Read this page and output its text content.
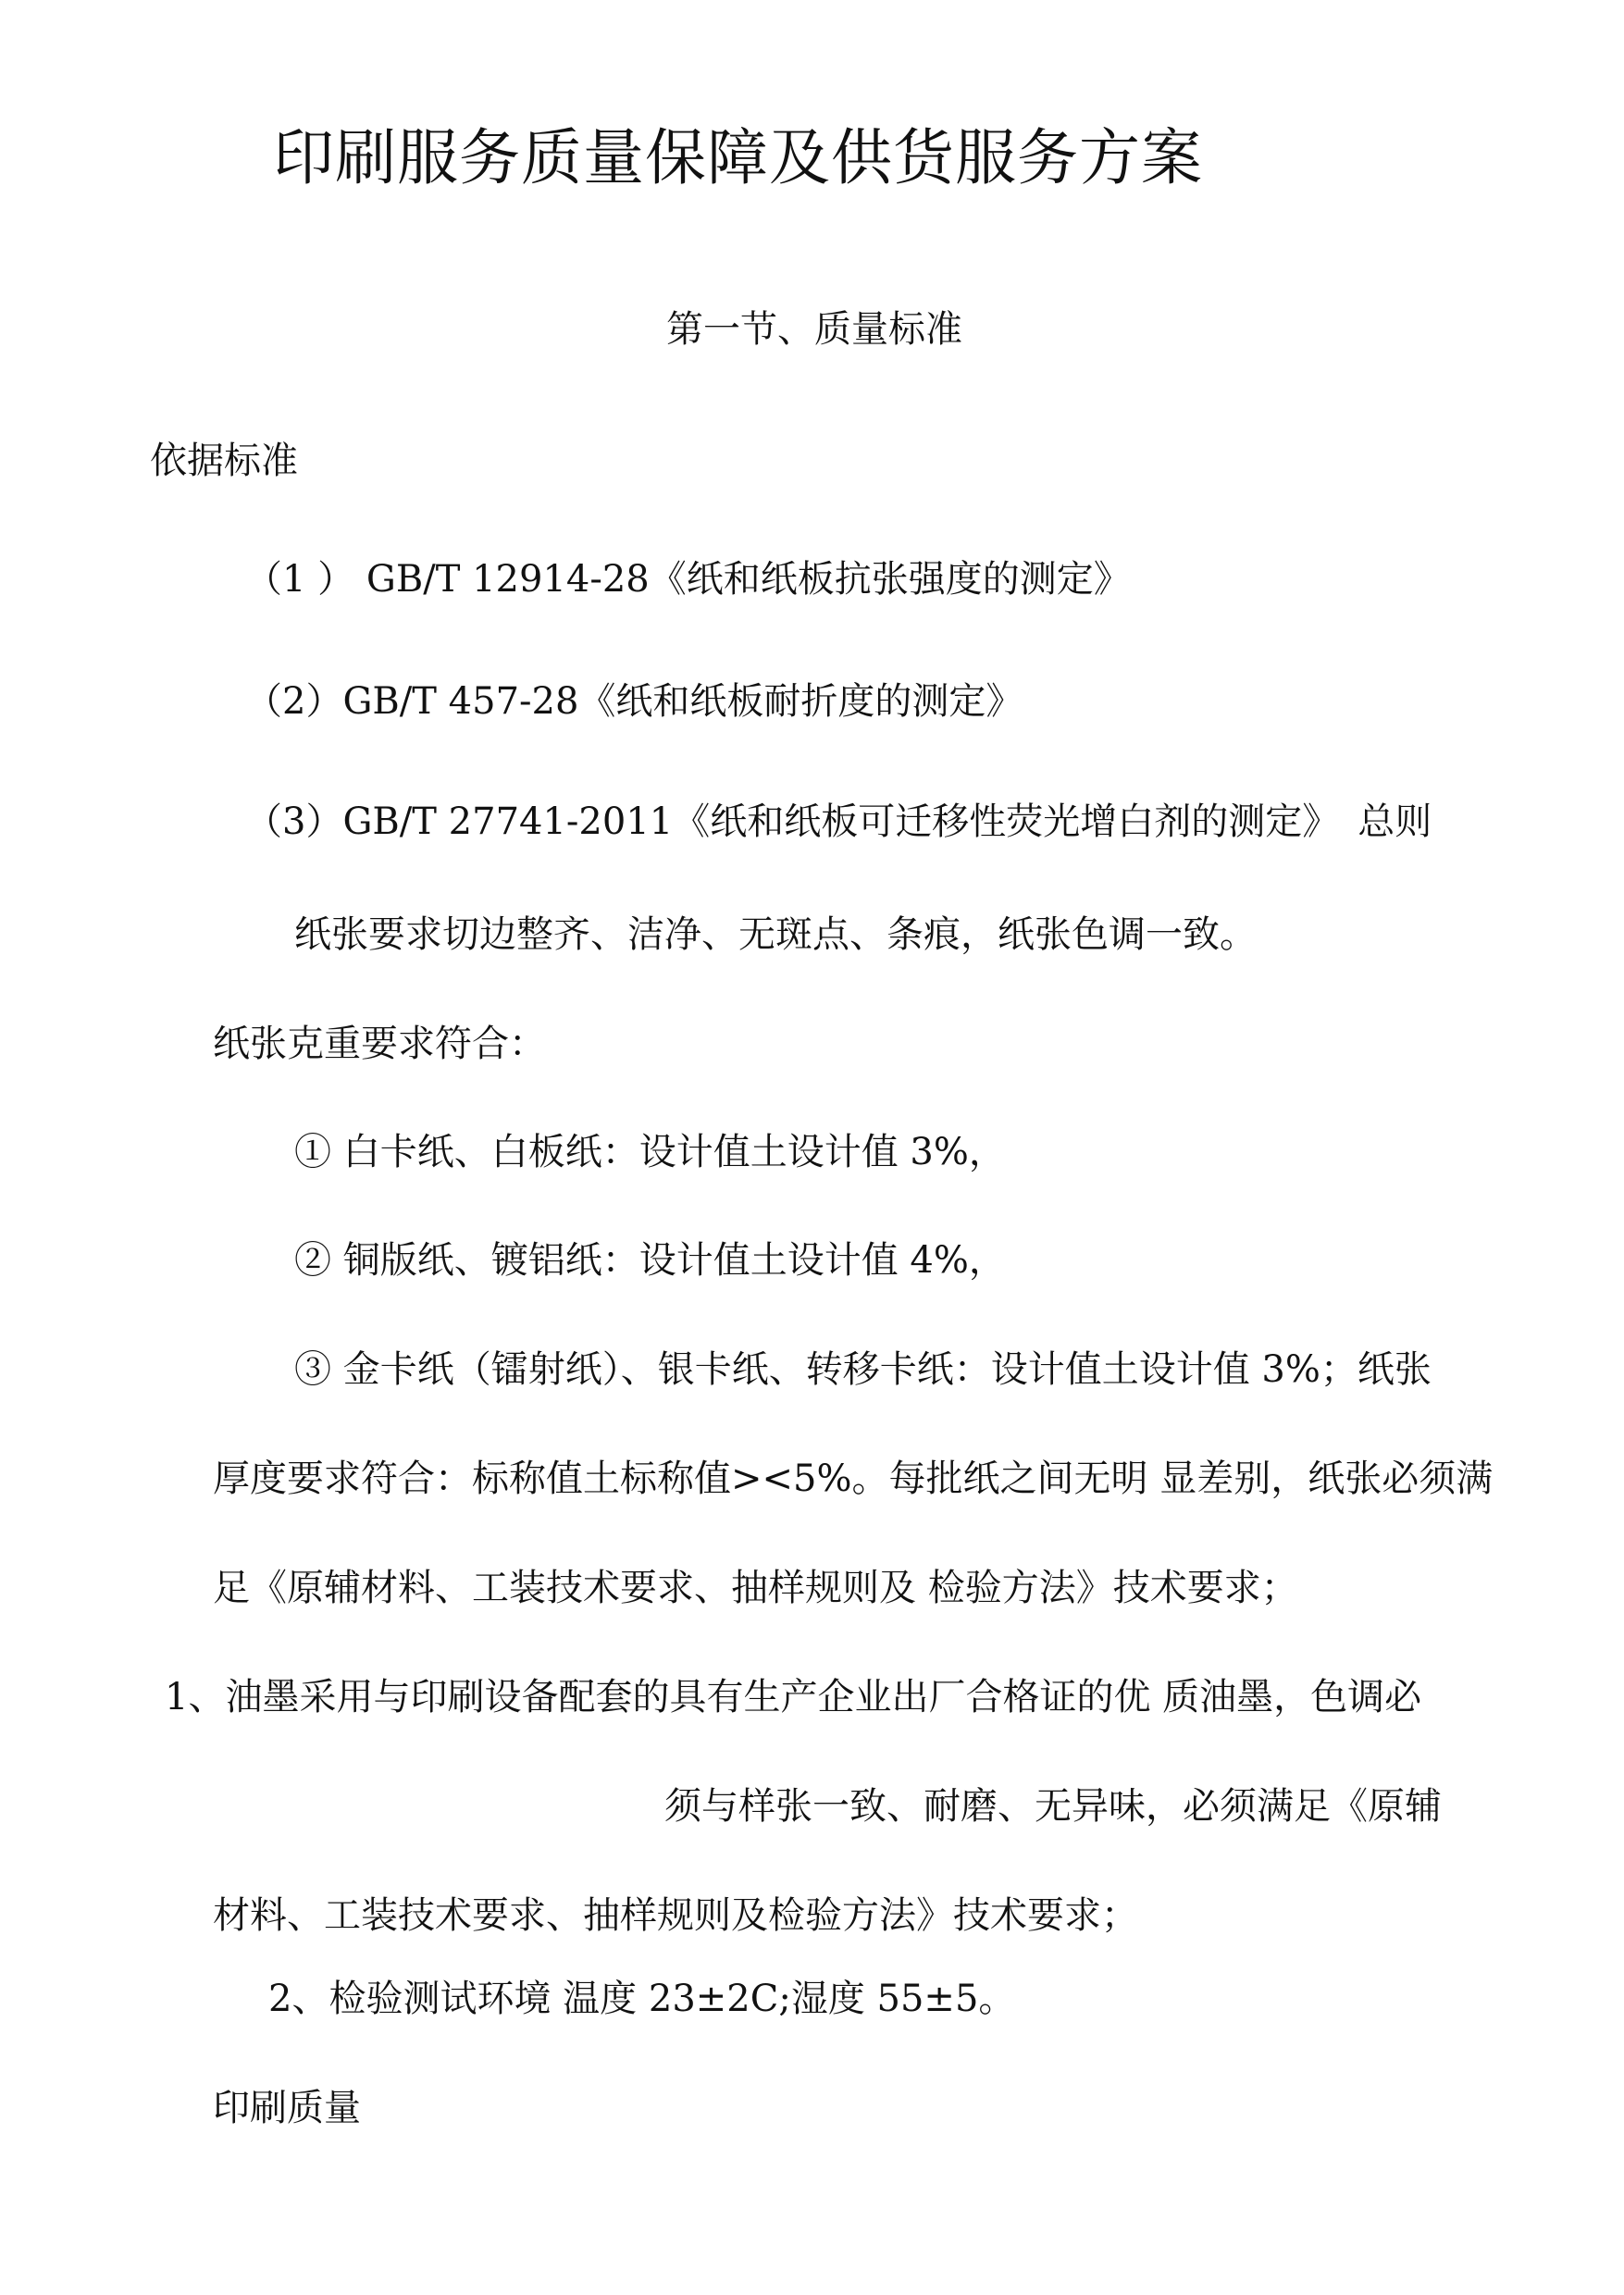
印刷服务质量保障及供货服务方案
第一节、质量标准
依据标准
（1 ） GB/T 12914-28《纸和纸板抗张强度的测定》
（2）GB/T 457-28《纸和纸板耐折度的测定》
（3）GB/T 27741-2011《纸和纸板可迁移性荧光增白剂的测定》　总则
纸张要求切边整齐、洁净、无斑点、条痕，纸张色调一致。
纸张克重要求符合：
① 白卡纸、白板纸：设计值土设计值 3%，
② 铜版纸、镀铝纸：设计值土设计值 4%，
③ 金卡纸（镭射纸）、银卡纸、转移卡纸：设计值土设计值 3%；纸张
厚度要求符合：标称值土标称值><5%。每批纸之间无明 显差别，纸张必须满
足《原辅材料、工装技术要求、抽样规则及 检验方法》技术要求；
1、油墨采用与印刷设备配套的具有生产企业出厂合格证的优 质油墨，色调必
须与样张一致、耐磨、无异味，必须满足《原辅
材料、工装技术要求、抽样规则及检验方法》技术要求；
2、检验测试环境 温度 23±2C;湿度 55±5。
印刷质量
